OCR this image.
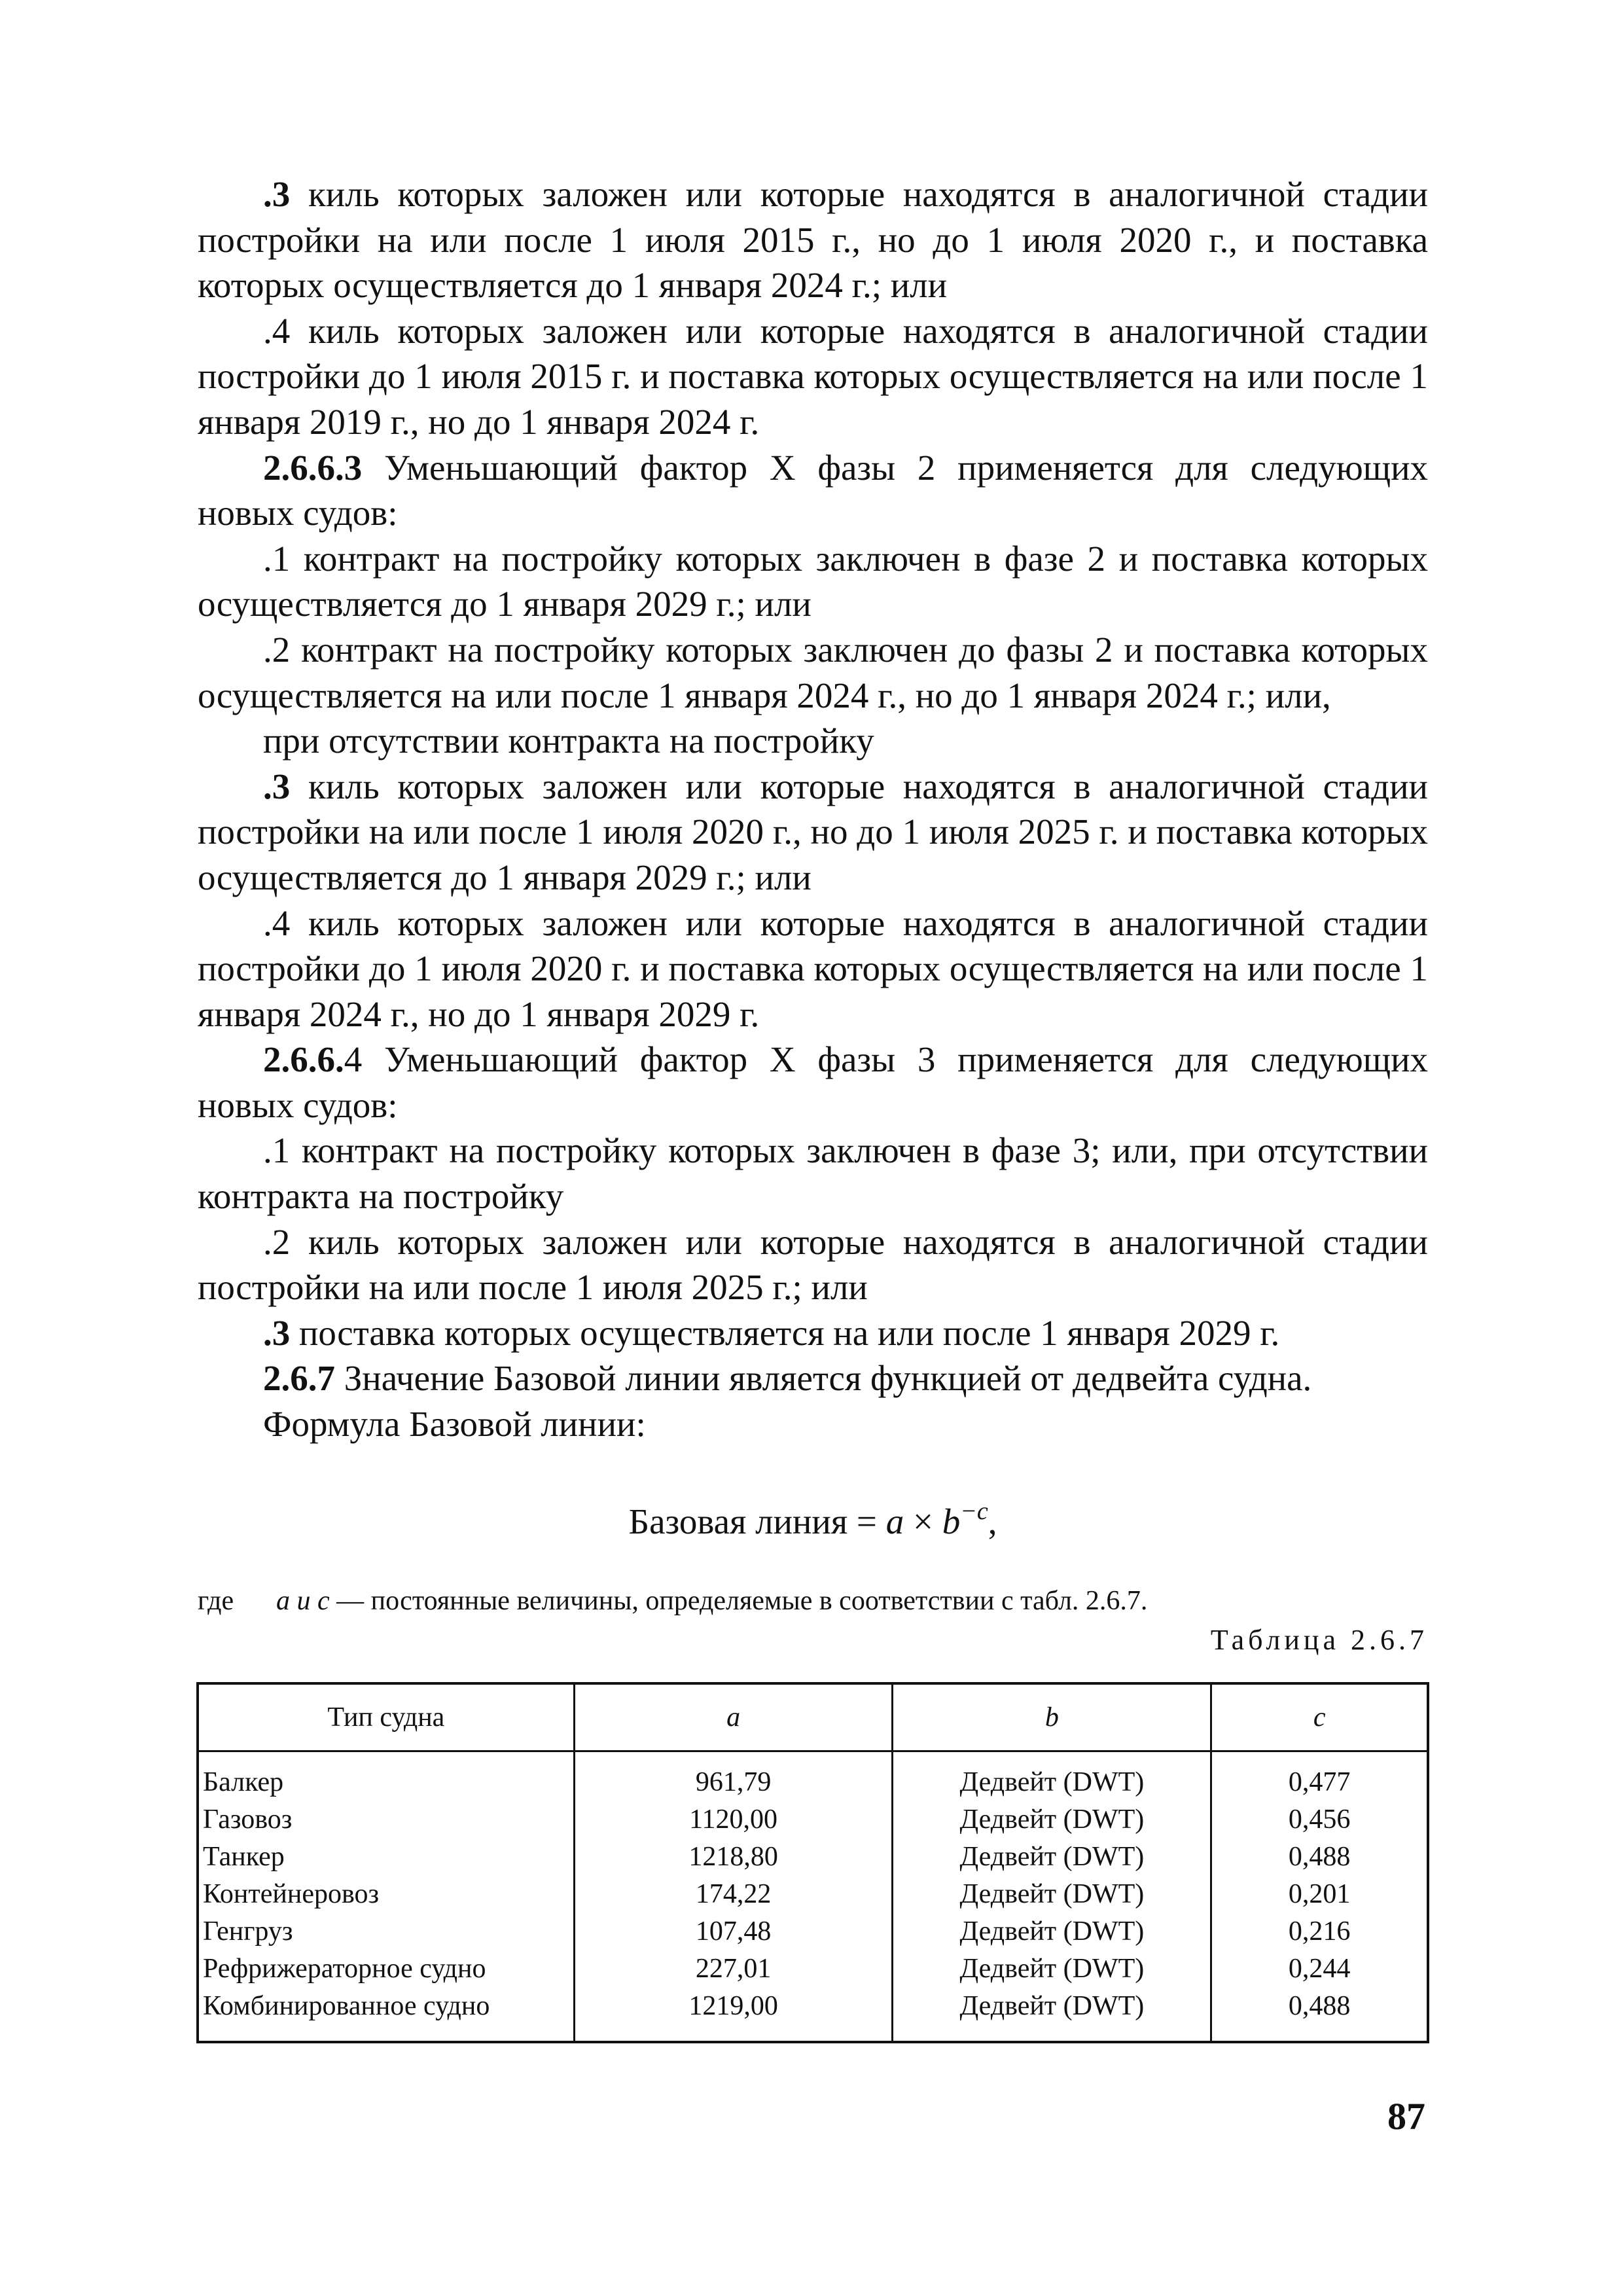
.3 киль которых заложен или которые находятся в аналогичной стадии постройки на или после 1 июля 2015 г., но до 1 июля 2020 г., и поставка которых осуществляется до 1 января 2024 г.; или

.4 киль которых заложен или которые находятся в аналогичной стадии постройки до 1 июля 2015 г. и поставка которых осуществляется на или после 1 января 2019 г., но до 1 января 2024 г.

2.6.6.3 Уменьшающий фактор X фазы 2 применяется для следующих новых судов:

.1 контракт на постройку которых заключен в фазе 2 и поставка которых осуществляется до 1 января 2029 г.; или

.2 контракт на постройку которых заключен до фазы 2 и поставка которых осуществляется на или после 1 января 2024 г., но до 1 января 2024 г.; или,

при отсутствии контракта на постройку

.3 киль которых заложен или которые находятся в аналогичной стадии постройки на или после 1 июля 2020 г., но до 1 июля 2025 г. и поставка которых осуществляется до 1 января 2029 г.; или

.4 киль которых заложен или которые находятся в аналогичной стадии постройки до 1 июля 2020 г. и поставка которых осуществляется на или после 1 января 2024 г., но до 1 января 2029 г.

2.6.6.4 Уменьшающий фактор X фазы 3 применяется для следующих новых судов:

.1 контракт на постройку которых заключен в фазе 3; или, при отсутствии контракта на постройку

.2 киль которых заложен или которые находятся в аналогичной стадии постройки на или после 1 июля 2025 г.; или

.3 поставка которых осуществляется на или после 1 января 2029 г.

2.6.7 Значение Базовой линии является функцией от дедвейта судна.

Формула Базовой линии:

Базовая линия = $a \times b^{-c}$,
где а и с — постоянные величины, определяемые в соответствии с табл. 2.6.7.
Таблица 2.6.7
Тип судна	a	b	c
Балкер	961,79	Дедвейт (DWT)	0,477
Газовоз	1120,00	Дедвейт (DWT)	0,456
Танкер	1218,80	Дедвейт (DWT)	0,488
Контейнеровоз	174,22	Дедвейт (DWT)	0,201
Генгруз	107,48	Дедвейт (DWT)	0,216
Рефрижераторное судно	227,01	Дедвейт (DWT)	0,244
Комбинированное судно	1219,00	Дедвейт (DWT)	0,488
87
